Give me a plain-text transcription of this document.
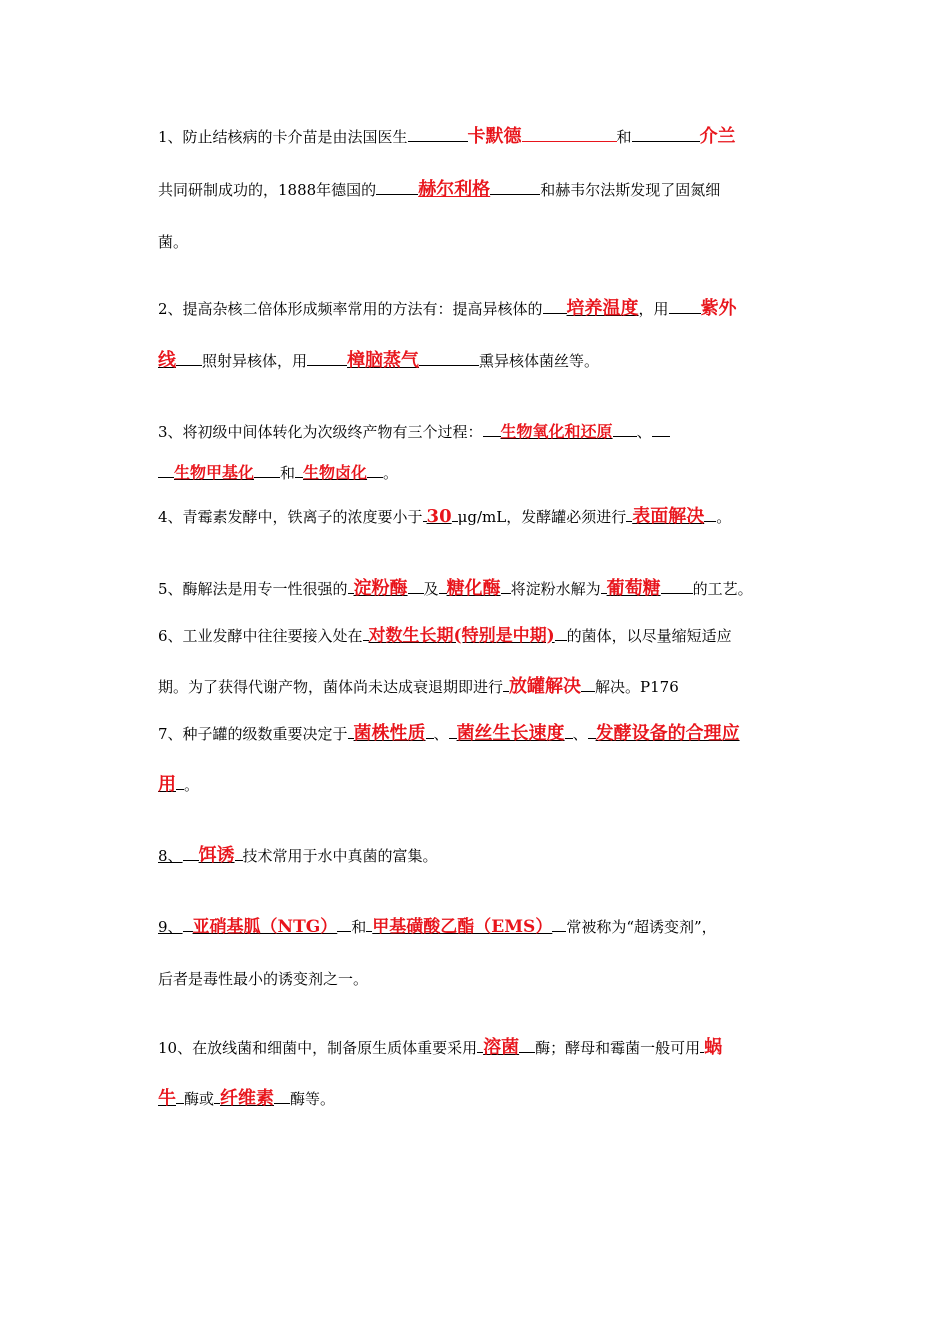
1、防止结核病的卡介苗是由法国医生	卡默德	和	介兰
共同研制成功的，1888年德国的 赫尔利格	和赫韦尔法斯发现了固氮细
菌。
2、提高杂核二倍体形成频率常用的方法有：提高异核体的 培养温度，用 紫外
线 照射异核体，用 樟脑蒸气	熏异核体菌丝等。
3、将初级中间体转化为次级终产物有三个过程： 生物氧化和还原 、
生物甲基化 和 生物卤化 。
4、青霉素发酵中，铁离子的浓度要小于 30 μg/mL，发酵罐必须进行 表面解决 。
5、酶解法是用专一性很强的 淀粉酶 及 糖化酶 将淀粉水解为 葡萄糖 的工艺。
6、工业发酵中往往要接入处在 对数生长期(特别是中期) 的菌体，以尽量缩短适应
期。为了获得代谢产物，菌体尚未达成衰退期即进行 放罐解决 解决。P176
7、种子罐的级数重要决定于 菌株性质 、 菌丝生长速度 、 发酵设备的合理应
用 。
8、 饵诱 技术常用于水中真菌的富集。
9、 亚硝基胍（NTG） 和 甲基磺酸乙酯（EMS） 常被称为“超诱变剂”，
后者是毒性最小的诱变剂之一。
10、在放线菌和细菌中，制备原生质体重要采用 溶菌 酶；酵母和霉菌一般可用 蜗
牛 酶或 纤维素 酶等。
